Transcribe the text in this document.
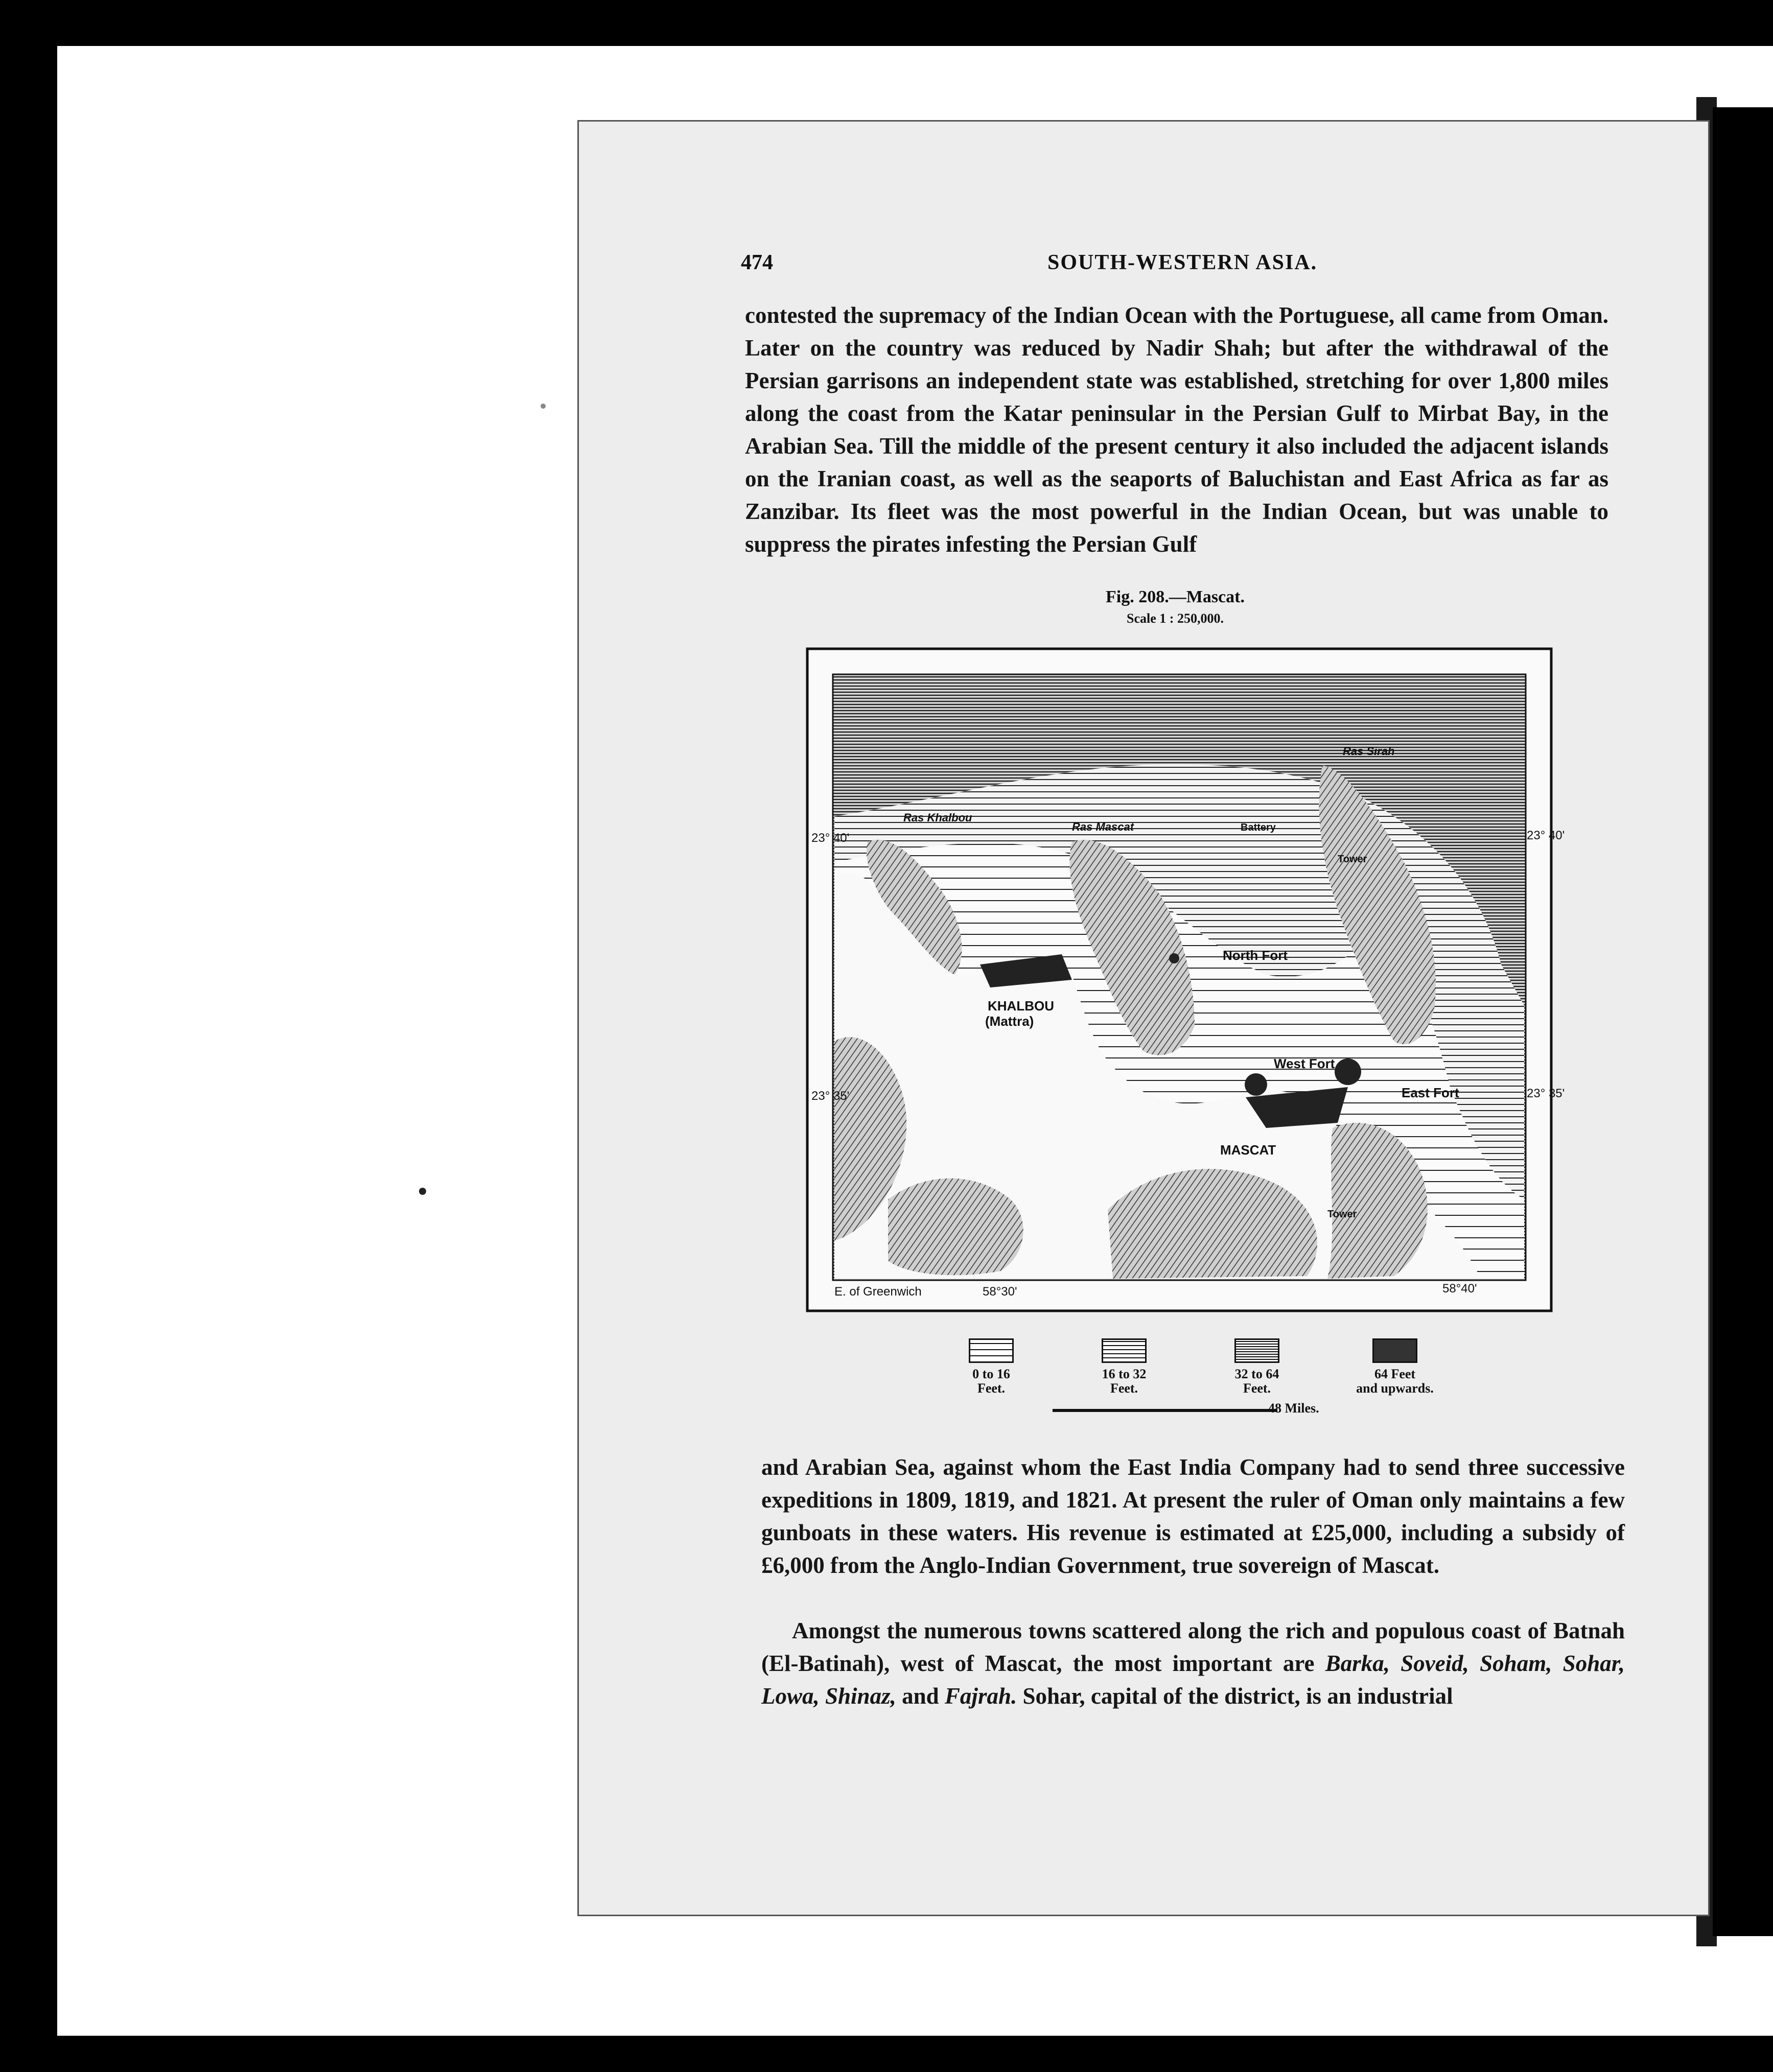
474	SOUTH-WESTERN ASIA.
contested the supremacy of the Indian Ocean with the Portuguese, all came from Oman. Later on the country was reduced by Nadir Shah; but after the withdrawal of the Persian garrisons an independent state was established, stretching for over 1,800 miles along the coast from the Katar peninsular in the Persian Gulf to Mirbat Bay, in the Arabian Sea. Till the middle of the present century it also included the adjacent islands on the Iranian coast, as well as the seaports of Baluchistan and East Africa as far as Zanzibar. Its fleet was the most powerful in the Indian Ocean, but was unable to suppress the pirates infesting the Persian Gulf
Fig. 208.—Mascat.
Scale 1 : 250,000.
Ras Khalbou
Ras Mascat
Ras Sirah
Battery
Tower
North Fort
KHALBOU
(Mattra)
West Fort
East Fort
MASCAT
Tower
23° 40'	23° 40'
23° 35'	23° 35'
E. of Greenwich	58°30'	58°40'
0 to 16
Feet.
16 to 32
Feet.
32 to 64
Feet.
64 Feet
and upwards.
48 Miles.
and Arabian Sea, against whom the East India Company had to send three successive expeditions in 1809, 1819, and 1821. At present the ruler of Oman only maintains a few gunboats in these waters. His revenue is estimated at £25,000, including a subsidy of £6,000 from the Anglo-Indian Government, true sovereign of Mascat.
Amongst the numerous towns scattered along the rich and populous coast of Batnah (El-Batinah), west of Mascat, the most important are Barka, Soveid, Soham, Sohar, Lowa, Shinaz, and Fajrah. Sohar, capital of the district, is an industrial
